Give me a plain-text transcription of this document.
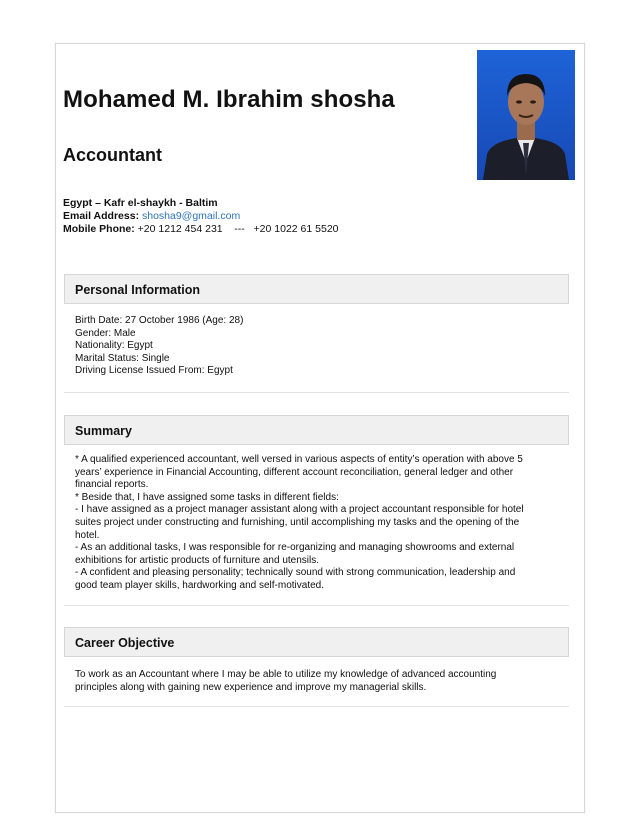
Mohamed M. Ibrahim shosha
Accountant
Egypt – Kafr el-shaykh - Baltim
Email Address: shosha9@gmail.com
Mobile Phone: +20 1212 454 231    ---   +20 1022 61 5520
Personal Information
Birth Date: 27 October 1986 (Age: 28)
Gender: Male
Nationality: Egypt
Marital Status: Single
Driving License Issued From: Egypt
Summary
* A qualified experienced accountant, well versed in various aspects of entity’s operation with above 5
years’ experience in Financial Accounting, different account reconciliation, general ledger and other
financial reports.
* Beside that, I have assigned some tasks in different fields:
- I have assigned as a project manager assistant along with a project accountant responsible for hotel
suites project under constructing and furnishing, until accomplishing my tasks and the opening of the
hotel.
- As an additional tasks, I was responsible for re-organizing and managing showrooms and external
exhibitions for artistic products of furniture and utensils.
- A confident and pleasing personality; technically sound with strong communication, leadership and
good team player skills, hardworking and self-motivated.
Career Objective
To work as an Accountant where I may be able to utilize my knowledge of advanced accounting
principles along with gaining new experience and improve my managerial skills.
